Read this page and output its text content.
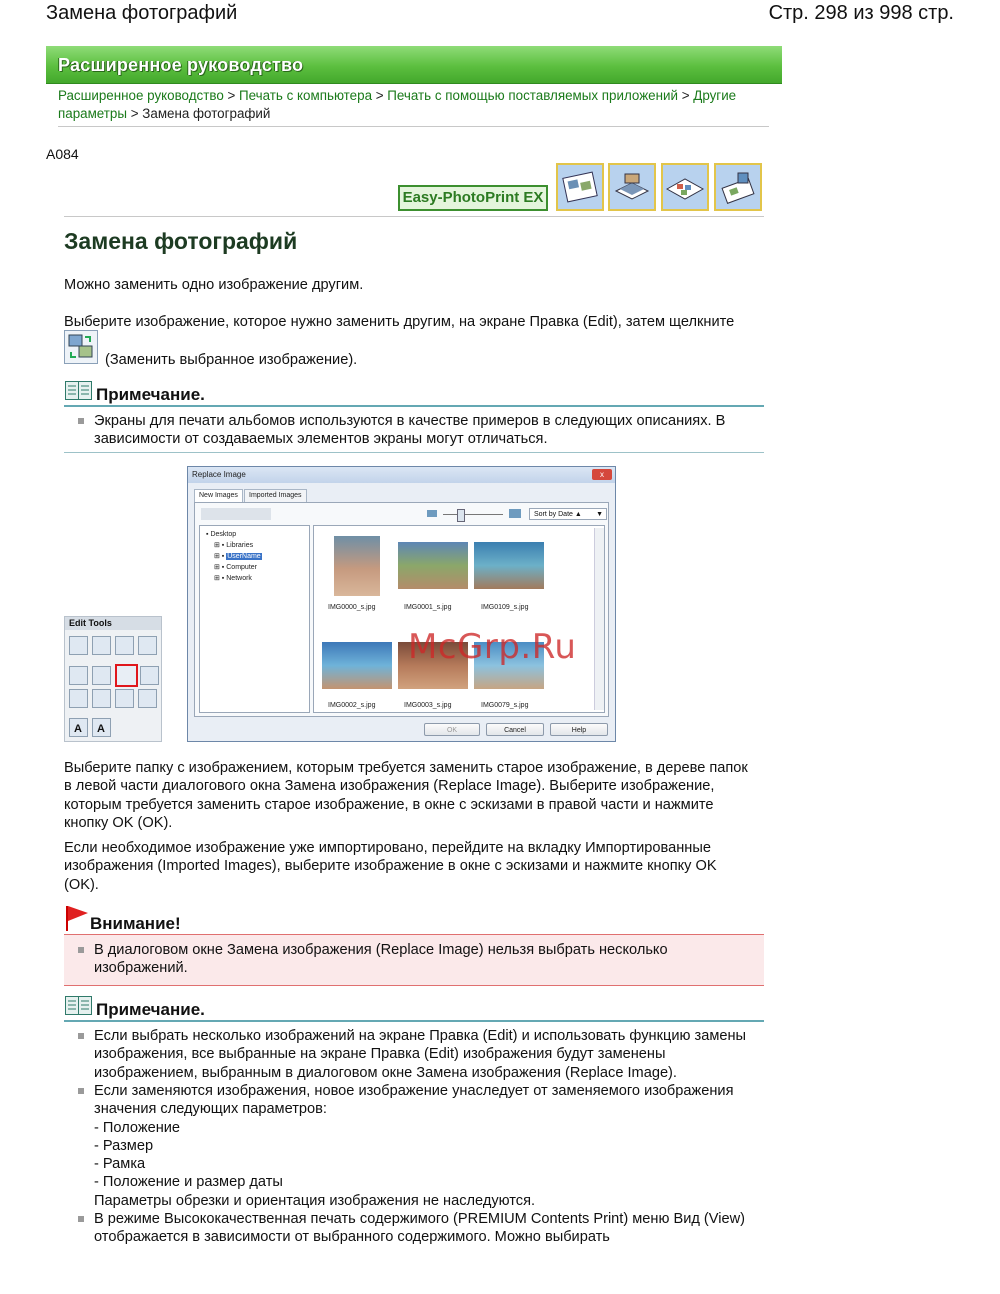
Замена фотографий	Стр. 298 из 998 стр.
Расширенное руководство
Расширенное руководство > Печать с компьютера > Печать с помощью поставляемых приложений > Другие параметры > Замена фотографий
A084
Easy-PhotoPrint EX
Замена фотографий
Можно заменить одно изображение другим.
Выберите изображение, которое нужно заменить другим, на экране Правка (Edit), затем щелкните
(Заменить выбранное изображение).
Примечание.
Экраны для печати альбомов используются в качестве примеров в следующих описаниях. В зависимости от создаваемых элементов экраны могут отличаться.
Edit Tools
A	A
Replace Image	x
New Images	Imported Images
Sort by Date ▲ ▼
▪ Desktop
⊞ ▪ Libraries
⊞ ▪ UserName
⊞ ▪ Computer
⊞ ▪ Network
IMG0000_s.jpg	IMG0001_s.jpg	IMG0109_s.jpg
IMG0002_s.jpg	IMG0003_s.jpg	IMG0079_s.jpg
OK	Cancel	Help
McGrp.Ru
Выберите папку с изображением, которым требуется заменить старое изображение, в дереве папок в левой части диалогового окна Замена изображения (Replace Image). Выберите изображение, которым требуется заменить старое изображение, в окне с эскизами в правой части и нажмите кнопку OK (OK).
Если необходимое изображение уже импортировано, перейдите на вкладку Импортированные изображения (Imported Images), выберите изображение в окне с эскизами и нажмите кнопку OK (OK).
Внимание!
В диалоговом окне Замена изображения (Replace Image) нельзя выбрать несколько изображений.
Примечание.
Если выбрать несколько изображений на экране Правка (Edit) и использовать функцию замены изображения, все выбранные на экране Правка (Edit) изображения будут заменены изображением, выбранным в диалоговом окне Замена изображения (Replace Image).
Если заменяются изображения, новое изображение унаследует от заменяемого изображения значения следующих параметров:
- Положение
- Размер
- Рамка
- Положение и размер даты
Параметры обрезки и ориентация изображения не наследуются.
В режиме Высококачественная печать содержимого (PREMIUM Contents Print) меню Вид (View) отображается в зависимости от выбранного содержимого. Можно выбирать
